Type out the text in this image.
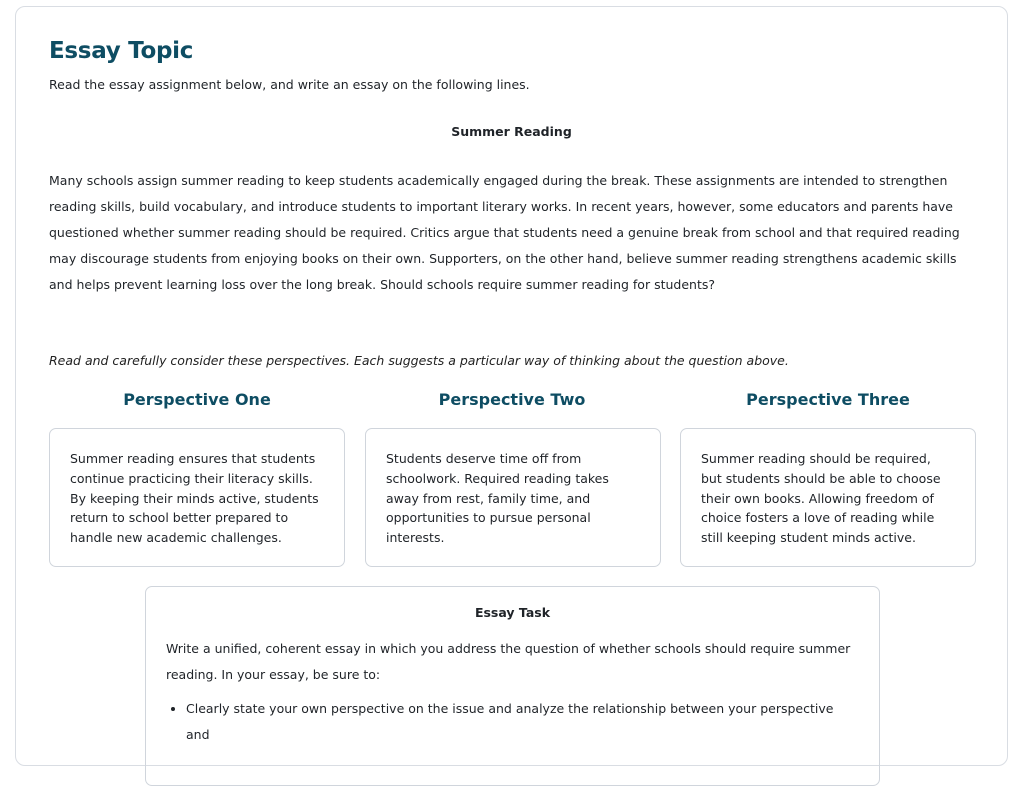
Essay Topic
Read the essay assignment below, and write an essay on the following lines.
Summer Reading

Many schools assign summer reading to keep students academically engaged during the break. These assignments are intended to strengthen reading skills, build vocabulary, and introduce students to important literary works. In recent years, however, some educators and parents have questioned whether summer reading should be required. Critics argue that students need a genuine break from school and that required reading may discourage students from enjoying books on their own. Supporters, on the other hand, believe summer reading strengthens academic skills and helps prevent learning loss over the long break. Should schools require summer reading for students?

Read and carefully consider these perspectives. Each suggests a particular way of thinking about the question above.
Perspective One	Perspective Two	Perspective Three
Summer reading ensures that students continue practicing their literacy skills. By keeping their minds active, students return to school better prepared to handle new academic challenges.
Students deserve time off from schoolwork. Required reading takes away from rest, family time, and opportunities to pursue personal interests.
Summer reading should be required, but students should be able to choose their own books. Allowing freedom of choice fosters a love of reading while still keeping student minds active.
Essay Task
Write a unified, coherent essay in which you address the question of whether schools should require summer reading. In your essay, be sure to:
• Clearly state your own perspective on the issue and analyze the relationship between your perspective and
